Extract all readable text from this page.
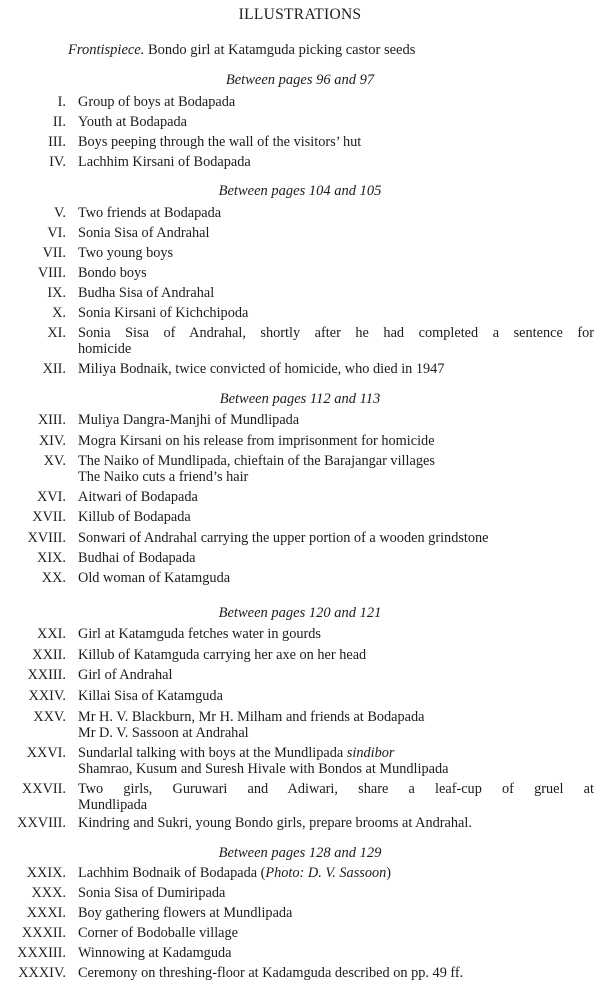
ILLUSTRATIONS
Frontispiece. Bondo girl at Katamguda picking castor seeds
Between pages 96 and 97
I. Group of boys at Bodapada
II. Youth at Bodapada
III. Boys peeping through the wall of the visitors’ hut
IV. Lachhim Kirsani of Bodapada
Between pages 104 and 105
V. Two friends at Bodapada
VI. Sonia Sisa of Andrahal
VII. Two young boys
VIII. Bondo boys
IX. Budha Sisa of Andrahal
X. Sonia Kirsani of Kichchipoda
XI. Sonia Sisa of Andrahal, shortly after he had completed a sentence for
homicide
XII. Miliya Bodnaik, twice convicted of homicide, who died in 1947
Between pages 112 and 113
XIII. Muliya Dangra-Manjhi of Mundlipada
XIV. Mogra Kirsani on his release from imprisonment for homicide
XV. The Naiko of Mundlipada, chieftain of the Barajangar villages
The Naiko cuts a friend’s hair
XVI. Aitwari of Bodapada
XVII. Killub of Bodapada
XVIII. Sonwari of Andrahal carrying the upper portion of a wooden grindstone
XIX. Budhai of Bodapada
XX. Old woman of Katamguda
Between pages 120 and 121
XXI. Girl at Katamguda fetches water in gourds
XXII. Killub of Katamguda carrying her axe on her head
XXIII. Girl of Andrahal
XXIV. Killai Sisa of Katamguda
XXV. Mr H. V. Blackburn, Mr H. Milham and friends at Bodapada
Mr D. V. Sassoon at Andrahal
XXVI. Sundarlal talking with boys at the Mundlipada sindibor
Shamrao, Kusum and Suresh Hivale with Bondos at Mundlipada
XXVII. Two girls, Guruwari and Adiwari, share a leaf-cup of gruel at
Mundlipada
XXVIII. Kindring and Sukri, young Bondo girls, prepare brooms at Andrahal.
Between pages 128 and 129
XXIX. Lachhim Bodnaik of Bodapada (Photo: D. V. Sassoon)
XXX. Sonia Sisa of Dumiripada
XXXI. Boy gathering flowers at Mundlipada
XXXII. Corner of Bodoballe village
XXXIII. Winnowing at Kadamguda
XXXIV. Ceremony on threshing-floor at Kadamguda described on pp. 49 ff.
